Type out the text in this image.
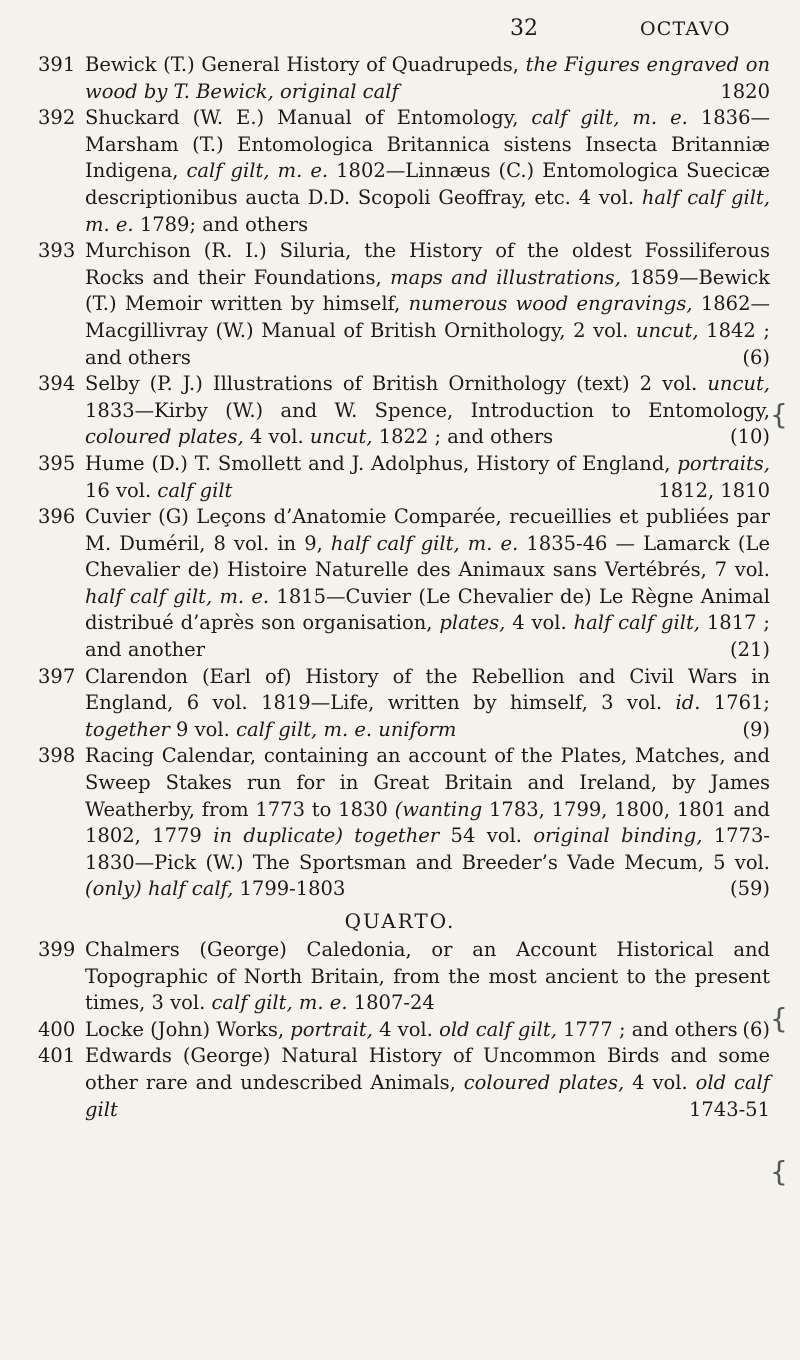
32	OCTAVO
391 Bewick (T.) General History of Quadrupeds, the Figures engraved on wood by T. Bewick, original calf	1820
392 Shuckard (W. E.) Manual of Entomology, calf gilt, m. e. 1836—Marsham (T.) Entomologica Britannica sistens Insecta Britanniæ Indigena, calf gilt, m. e. 1802—Linnæus (C.) Entomologica Suecicæ descriptionibus aucta D.D. Scopoli Geoffray, etc. 4 vol. half calf gilt, m. e. 1789; and others
393 Murchison (R. I.) Siluria, the History of the oldest Fossiliferous Rocks and their Foundations, maps and illustrations, 1859—Bewick (T.) Memoir written by himself, numerous wood engravings, 1862—Macgillivray (W.) Manual of British Ornithology, 2 vol. uncut, 1842 ; and others	(6)
394 Selby (P. J.) Illustrations of British Ornithology (text) 2 vol. uncut, 1833—Kirby (W.) and W. Spence, Introduction to Entomology, coloured plates, 4 vol. uncut, 1822 ; and others	(10)
395 Hume (D.) T. Smollett and J. Adolphus, History of England, portraits, 16 vol. calf gilt	1812, 1810
396 Cuvier (G) Leçons d’Anatomie Comparée, recueillies et publiées par M. Duméril, 8 vol. in 9, half calf gilt, m. e. 1835-46 — Lamarck (Le Chevalier de) Histoire Naturelle des Animaux sans Vertébrés, 7 vol. half calf gilt, m. e. 1815—Cuvier (Le Chevalier de) Le Règne Animal distribué d’après son organisation, plates, 4 vol. half calf gilt, 1817 ; and another	(21)
397 Clarendon (Earl of) History of the Rebellion and Civil Wars in England, 6 vol. 1819—Life, written by himself, 3 vol. id. 1761; together 9 vol. calf gilt, m. e. uniform	(9)
398 Racing Calendar, containing an account of the Plates, Matches, and Sweep Stakes run for in Great Britain and Ireland, by James Weatherby, from 1773 to 1830 (wanting 1783, 1799, 1800, 1801 and 1802, 1779 in duplicate) together 54 vol. original binding, 1773-1830—Pick (W.) The Sportsman and Breeder’s Vade Mecum, 5 vol. (only) half calf, 1799-1803	(59)
QUARTO.
399 Chalmers (George) Caledonia, or an Account Historical and Topographic of North Britain, from the most ancient to the present times, 3 vol. calf gilt, m. e. 1807-24
400 Locke (John) Works, portrait, 4 vol. old calf gilt, 1777 ; and others (6)
401 Edwards (George) Natural History of Uncommon Birds and some other rare and undescribed Animals, coloured plates, 4 vol. old calf gilt	1743-51
{
{
{
